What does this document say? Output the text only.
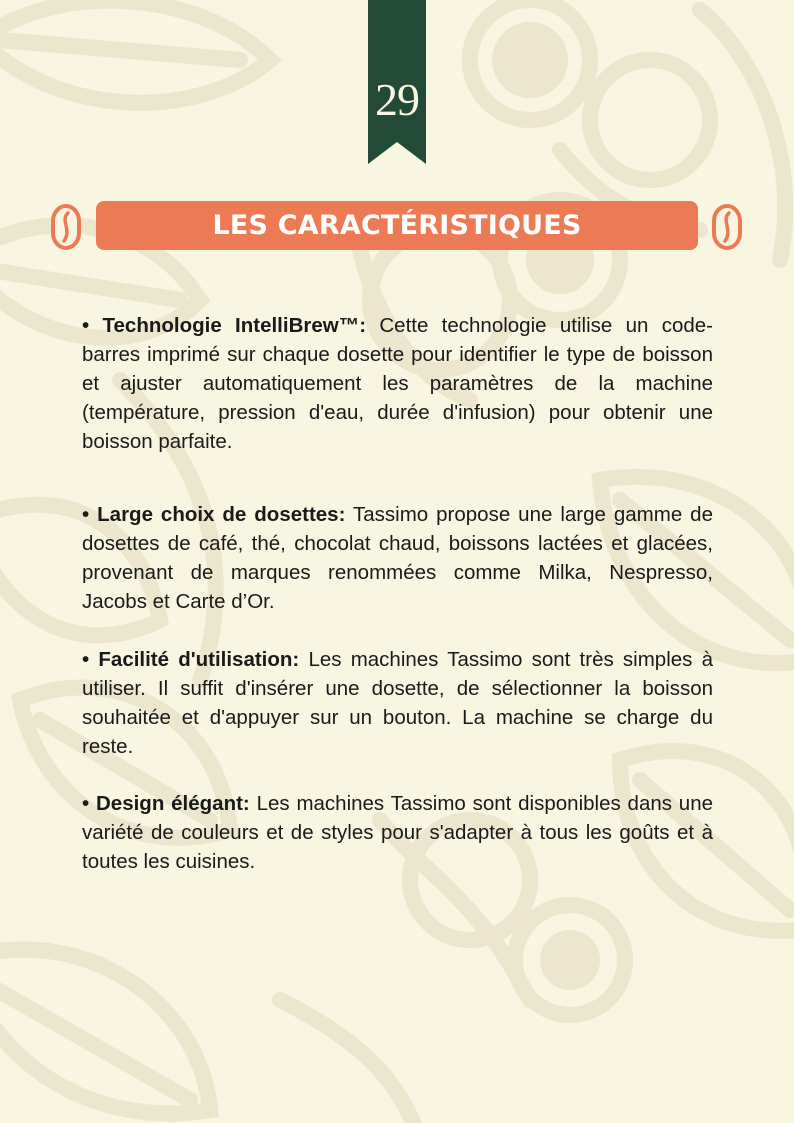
29
LES CARACTÉRISTIQUES

• Technologie IntelliBrew™: Cette technologie utilise un code-barres imprimé sur chaque dosette pour identifier le type de boisson et ajuster automatiquement les paramètres de la machine (température, pression d'eau, durée d'infusion) pour obtenir une boisson parfaite.

• Large choix de dosettes: Tassimo propose une large gamme de dosettes de café, thé, chocolat chaud, boissons lactées et glacées, provenant de marques renommées comme Milka, Nespresso, Jacobs et Carte d’Or.

• Facilité d'utilisation: Les machines Tassimo sont très simples à utiliser. Il suffit d'insérer une dosette, de sélectionner la boisson souhaitée et d'appuyer sur un bouton. La machine se charge du reste.

• Design élégant: Les machines Tassimo sont disponibles dans une variété de couleurs et de styles pour s'adapter à tous les goûts et à toutes les cuisines.
